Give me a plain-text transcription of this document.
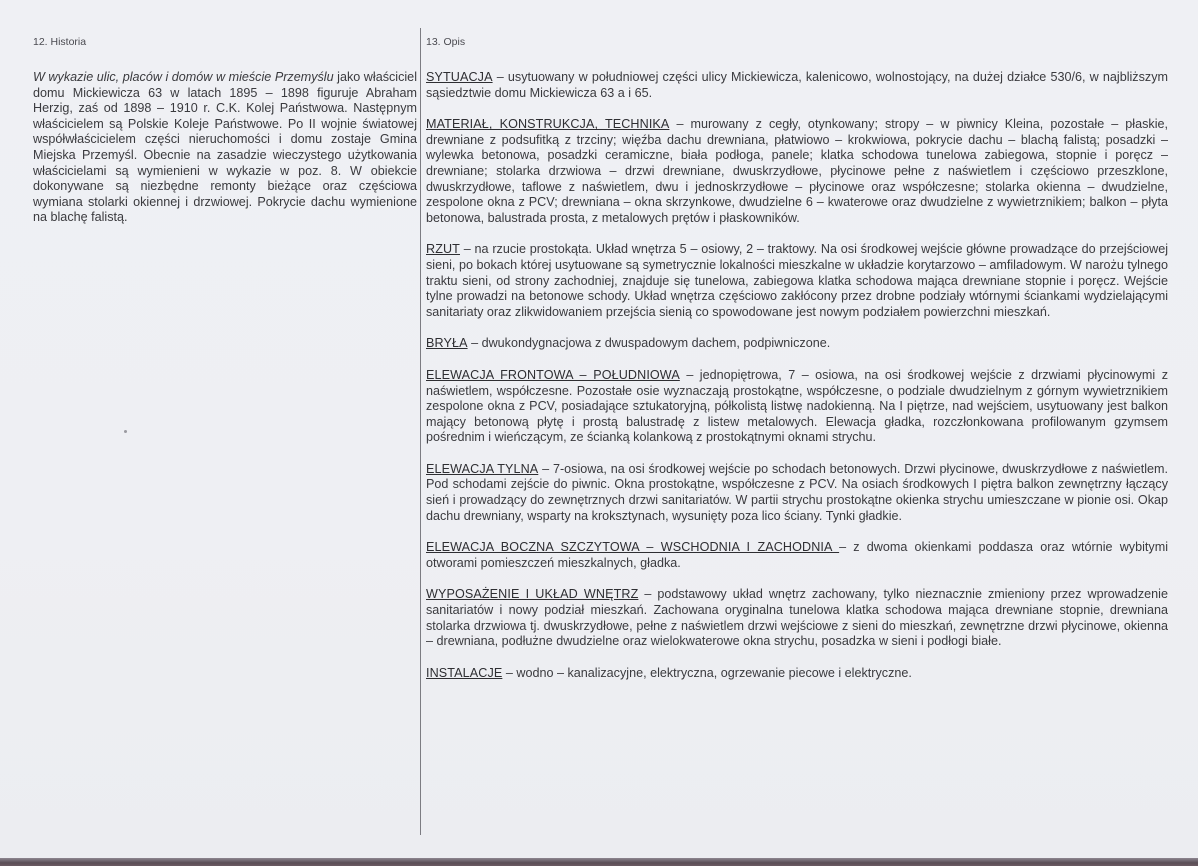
12. Historia

W wykazie ulic, placów i domów w mieście Przemyślu jako właściciel domu Mickiewicza 63 w latach 1895 – 1898 figuruje Abraham Herzig, zaś od 1898 – 1910 r. C.K. Kolej Państwowa. Następnym właścicielem są Polskie Koleje Państwowe. Po II wojnie światowej współwłaścicielem części nieruchomości i domu zostaje Gmina Miejska Przemyśl. Obecnie na zasadzie wieczystego użytkowania właścicielami są wymienieni w wykazie w poz. 8. W obiekcie dokonywane są niezbędne remonty bieżące oraz częściowa wymiana stolarki okiennej i drzwiowej. Pokrycie dachu wymienione na blachę falistą.

13. Opis

SYTUACJA – usytuowany w południowej części ulicy Mickiewicza, kalenicowo, wolnostojący, na dużej działce 530/6, w najbliższym sąsiedztwie domu Mickiewicza 63 a i 65.

MATERIAŁ, KONSTRUKCJA, TECHNIKA – murowany z cegły, otynkowany; stropy – w piwnicy Kleina, pozostałe – płaskie, drewniane z podsufitką z trzciny; więźba dachu drewniana, płatwiowo – krokwiowa, pokrycie dachu – blachą falistą; posadzki – wylewka betonowa, posadzki ceramiczne, biała podłoga, panele; klatka schodowa tunelowa zabiegowa, stopnie i poręcz – drewniane; stolarka drzwiowa – drzwi drewniane, dwuskrzydłowe, płycinowe pełne z naświetlem i częściowo przeszklone, dwuskrzydłowe, taflowe z naświetlem, dwu i jednoskrzydłowe – płycinowe oraz współczesne; stolarka okienna – dwudzielne, zespolone okna z PCV; drewniana – okna skrzynkowe, dwudzielne 6 – kwaterowe oraz dwudzielne z wywietrznikiem; balkon – płyta betonowa, balustrada prosta, z metalowych prętów i płaskowników.

RZUT – na rzucie prostokąta. Układ wnętrza 5 – osiowy, 2 – traktowy. Na osi środkowej wejście główne prowadzące do przejściowej sieni, po bokach której usytuowane są symetrycznie lokalności mieszkalne w układzie korytarzowo – amfiladowym. W narożu tylnego traktu sieni, od strony zachodniej, znajduje się tunelowa, zabiegowa klatka schodowa mająca drewniane stopnie i poręcz. Wejście tylne prowadzi na betonowe schody. Układ wnętrza częściowo zakłócony przez drobne podziały wtórnymi ściankami wydzielającymi sanitariaty oraz zlikwidowaniem przejścia sienią co spowodowane jest nowym podziałem powierzchni mieszkań.

BRYŁA – dwukondygnacjowa z dwuspadowym dachem, podpiwniczone.

ELEWACJA FRONTOWA – POŁUDNIOWA – jednopiętrowa, 7 – osiowa, na osi środkowej wejście z drzwiami płycinowymi z naświetlem, współczesne. Pozostałe osie wyznaczają prostokątne, współczesne, o podziale dwudzielnym z górnym wywietrznikiem zespolone okna z PCV, posiadające sztukatoryjną, półkolistą listwę nadokienną. Na I piętrze, nad wejściem, usytuowany jest balkon mający betonową płytę i prostą balustradę z listew metalowych. Elewacja gładka, rozczłonkowana profilowanym gzymsem pośrednim i wieńczącym, ze ścianką kolankową z prostokątnymi oknami strychu.

ELEWACJA TYLNA – 7-osiowa, na osi środkowej wejście po schodach betonowych. Drzwi płycinowe, dwuskrzydłowe z naświetlem. Pod schodami zejście do piwnic. Okna prostokątne, współczesne z PCV. Na osiach środkowych I piętra balkon zewnętrzny łączący sień i prowadzący do zewnętrznych drzwi sanitariatów. W partii strychu prostokątne okienka strychu umieszczane w pionie osi. Okap dachu drewniany, wsparty na kroksztynach, wysunięty poza lico ściany. Tynki gładkie.

ELEWACJA BOCZNA SZCZYTOWA – WSCHODNIA I ZACHODNIA – z dwoma okienkami poddasza oraz wtórnie wybitymi otworami pomieszczeń mieszkalnych, gładka.

WYPOSAŻENIE I UKŁAD WNĘTRZ – podstawowy układ wnętrz zachowany, tylko nieznacznie zmieniony przez wprowadzenie sanitariatów i nowy podział mieszkań. Zachowana oryginalna tunelowa klatka schodowa mająca drewniane stopnie, drewniana stolarka drzwiowa tj. dwuskrzydłowe, pełne z naświetlem drzwi wejściowe z sieni do mieszkań, zewnętrzne drzwi płycinowe, okienna – drewniana, podłużne dwudzielne oraz wielokwaterowe okna strychu, posadzka w sieni i podłogi białe.

INSTALACJE – wodno – kanalizacyjne, elektryczna, ogrzewanie piecowe i elektryczne.
